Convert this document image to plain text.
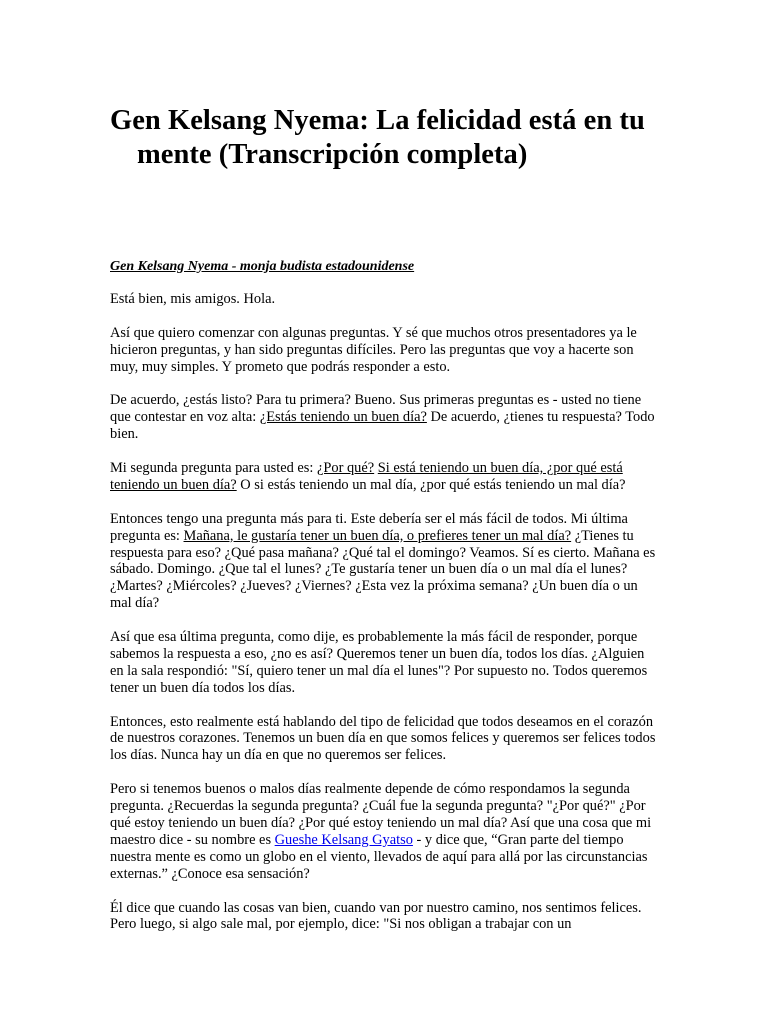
Gen Kelsang Nyema: La felicidad está en tu mente (Transcripción completa)
Gen Kelsang Nyema - monja budista estadounidense

Está bien, mis amigos. Hola.

Así que quiero comenzar con algunas preguntas. Y sé que muchos otros presentadores ya le hicieron preguntas, y han sido preguntas difíciles. Pero las preguntas que voy a hacerte son muy, muy simples. Y prometo que podrás responder a esto.

De acuerdo, ¿estás listo? Para tu primera? Bueno. Sus primeras preguntas es - usted no tiene que contestar en voz alta: ¿Estás teniendo un buen día? De acuerdo, ¿tienes tu respuesta? Todo bien.

Mi segunda pregunta para usted es: ¿Por qué? Si está teniendo un buen día, ¿por qué está teniendo un buen día? O si estás teniendo un mal día, ¿por qué estás teniendo un mal día?

Entonces tengo una pregunta más para ti. Este debería ser el más fácil de todos. Mi última pregunta es: Mañana, le gustaría tener un buen día, o prefieres tener un mal día? ¿Tienes tu respuesta para eso? ¿Qué pasa mañana? ¿Qué tal el domingo? Veamos. Sí es cierto. Mañana es sábado. Domingo. ¿Que tal el lunes? ¿Te gustaría tener un buen día o un mal día el lunes? ¿Martes? ¿Miércoles? ¿Jueves? ¿Viernes? ¿Esta vez la próxima semana? ¿Un buen día o un mal día?

Así que esa última pregunta, como dije, es probablemente la más fácil de responder, porque sabemos la respuesta a eso, ¿no es así? Queremos tener un buen día, todos los días. ¿Alguien en la sala respondió: "Sí, quiero tener un mal día el lunes"? Por supuesto no. Todos queremos tener un buen día todos los días.

Entonces, esto realmente está hablando del tipo de felicidad que todos deseamos en el corazón de nuestros corazones. Tenemos un buen día en que somos felices y queremos ser felices todos los días. Nunca hay un día en que no queremos ser felices.

Pero si tenemos buenos o malos días realmente depende de cómo respondamos la segunda pregunta. ¿Recuerdas la segunda pregunta? ¿Cuál fue la segunda pregunta? "¿Por qué?" ¿Por qué estoy teniendo un buen día? ¿Por qué estoy teniendo un mal día? Así que una cosa que mi maestro dice - su nombre es Gueshe Kelsang Gyatso - y dice que, “Gran parte del tiempo nuestra mente es como un globo en el viento, llevados de aquí para allá por las circunstancias externas.” ¿Conoce esa sensación?

Él dice que cuando las cosas van bien, cuando van por nuestro camino, nos sentimos felices. Pero luego, si algo sale mal, por ejemplo, dice: "Si nos obligan a trabajar con un
